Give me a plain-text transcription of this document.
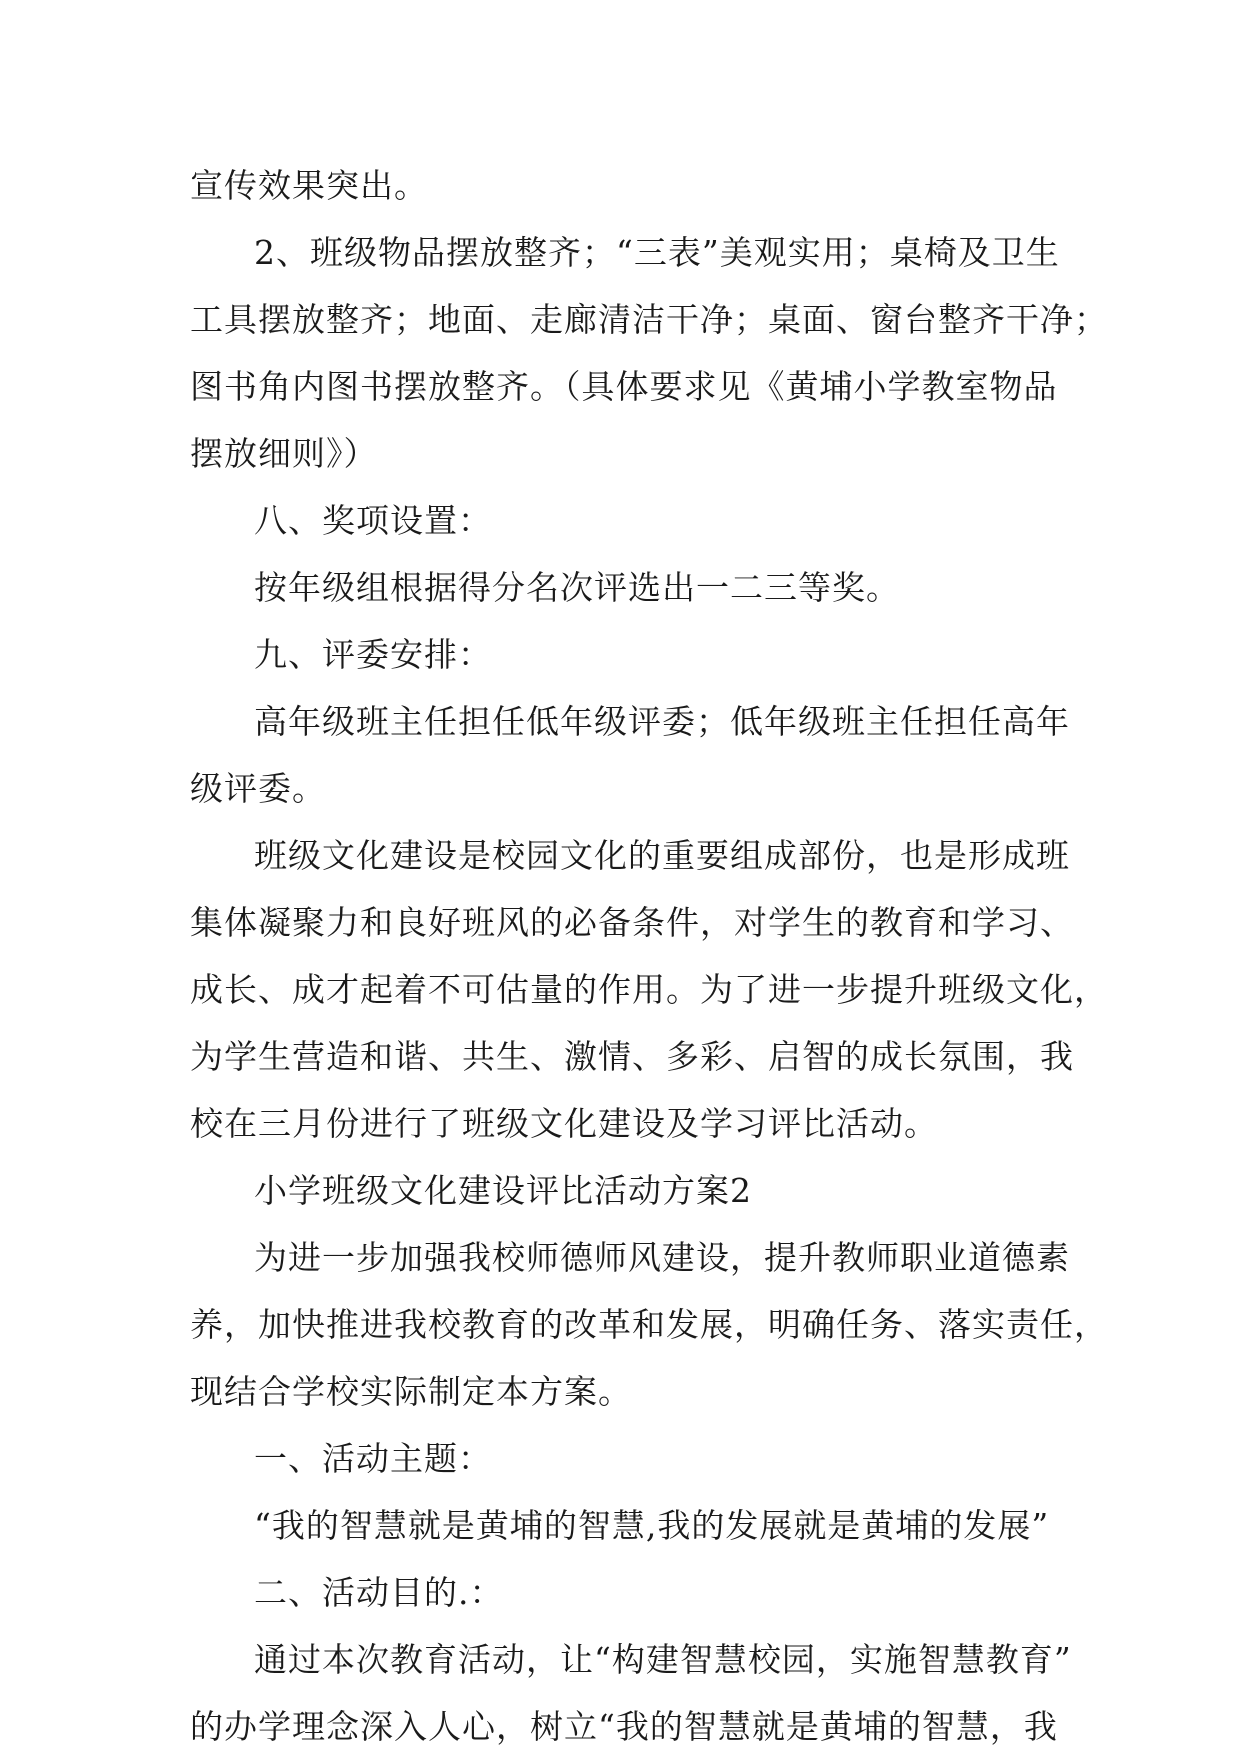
宣传效果突出。
2、班级物品摆放整齐；“三表”美观实用；桌椅及卫生
工具摆放整齐；地面、走廊清洁干净；桌面、窗台整齐干净；
图书角内图书摆放整齐。（具体要求见《黄埔小学教室物品
摆放细则》）
八、奖项设置：
按年级组根据得分名次评选出一二三等奖。
九、评委安排：
高年级班主任担任低年级评委；低年级班主任担任高年
级评委。
班级文化建设是校园文化的重要组成部份，也是形成班
集体凝聚力和良好班风的必备条件，对学生的教育和学习、
成长、成才起着不可估量的作用。为了进一步提升班级文化，
为学生营造和谐、共生、激情、多彩、启智的成长氛围，我
校在三月份进行了班级文化建设及学习评比活动。
小学班级文化建设评比活动方案2
为进一步加强我校师德师风建设，提升教师职业道德素
养，加快推进我校教育的改革和发展，明确任务、落实责任，
现结合学校实际制定本方案。
一、活动主题：
“我的智慧就是黄埔的智慧,我的发展就是黄埔的发展”
二、活动目的.：
通过本次教育活动，让“构建智慧校园，实施智慧教育”
的办学理念深入人心，树立“我的智慧就是黄埔的智慧，我
